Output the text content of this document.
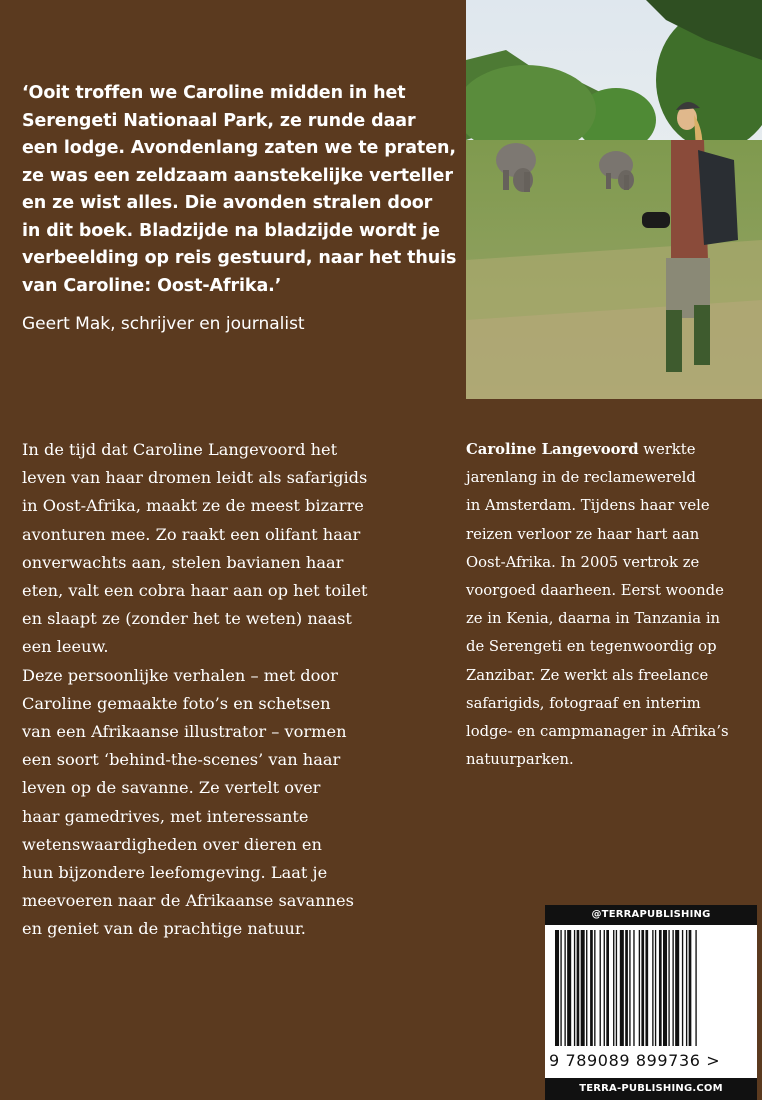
‘Ooit troffen we Caroline midden in het
Serengeti Nationaal Park, ze runde daar
een lodge. Avondenlang zaten we te praten,
ze was een zeldzaam aanstekelijke verteller
en ze wist alles. Die avonden stralen door
in dit boek. Bladzijde na bladzijde wordt je
verbeelding op reis gestuurd, naar het thuis
van Caroline: Oost-Afrika.’
Geert Mak, schrijver en journalist
In de tijd dat Caroline Langevoord het
leven van haar dromen leidt als safarigids
in Oost-Afrika, maakt ze de meest bizarre
avonturen mee. Zo raakt een olifant haar
onverwachts aan, stelen bavianen haar
eten, valt een cobra haar aan op het toilet
en slaapt ze (zonder het te weten) naast
een leeuw.
Deze persoonlijke verhalen – met door
Caroline gemaakte foto’s en schetsen
van een Afrikaanse illustrator – vormen
een soort ‘behind-the-scenes’ van haar
leven op de savanne. Ze vertelt over
haar gamedrives, met interessante
wetenswaardigheden over dieren en
hun bijzondere leefomgeving. Laat je
meevoeren naar de Afrikaanse savannes
en geniet van de prachtige natuur.
Caroline Langevoord werkte
jarenlang in de reclamewereld
in Amsterdam. Tijdens haar vele
reizen verloor ze haar hart aan
Oost-Afrika. In 2005 vertrok ze
voorgoed daarheen. Eerst woonde
ze in Kenia, daarna in Tanzania in
de Serengeti en tegenwoordig op
Zanzibar. Ze werkt als freelance
safarigids, fotograaf en interim
lodge- en campmanager in Afrika’s
natuurparken.
@TERRAPUBLISHING
9 789089 899736 >
TERRA-PUBLISHING.COM
